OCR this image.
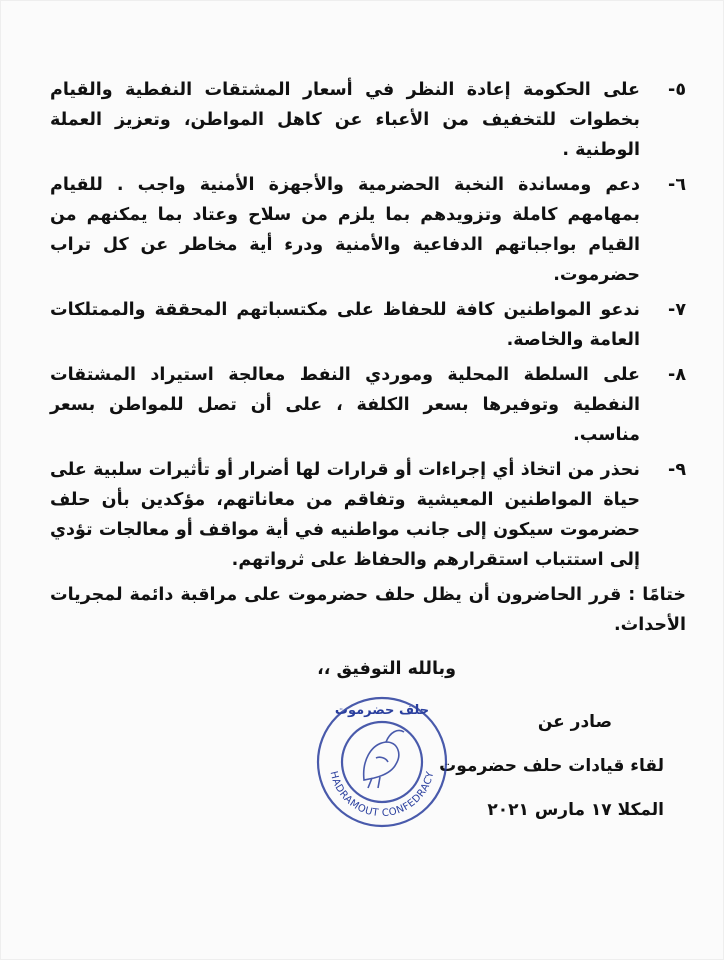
٥-
على الحكومة إعادة النظر في أسعار المشتقات النفطية والقيام بخطوات للتخفيف من الأعباء عن كاهل المواطن، وتعزيز العملة الوطنية .
٦-
دعم ومساندة النخبة الحضرمية والأجهزة الأمنية واجب . للقيام بمهامهم كاملة وتزويدهم بما يلزم من سلاح وعتاد بما يمكنهم من القيام بواجباتهم الدفاعية والأمنية ودرء أية مخاطر عن كل تراب حضرموت.
٧-
ندعو المواطنين كافة للحفاظ على مكتسباتهم المحققة والممتلكات العامة والخاصة.
٨-
على السلطة المحلية وموردي النفط معالجة استيراد المشتقات النفطية وتوفيرها بسعر الكلفة ، على أن تصل للمواطن بسعر مناسب.
٩-
نحذر من اتخاذ أي إجراءات أو قرارات لها أضرار أو تأثيرات سلبية على حياة المواطنين المعيشية وتفاقم من معاناتهم، مؤكدين بأن حلف حضرموت سيكون إلى جانب مواطنيه في أية مواقف أو معالجات تؤدي إلى استتباب استقرارهم والحفاظ على ثرواتهم.
ختامًا : قرر الحاضرون أن يظل حلف حضرموت على مراقبة دائمة لمجريات الأحداث.
وبالله التوفيق ،،
صادر عن
لقاء قيادات حلف حضرموت
المكلا ١٧ مارس ٢٠٢١
حلف حضرموت
HADRAMOUT CONFEDRACY
